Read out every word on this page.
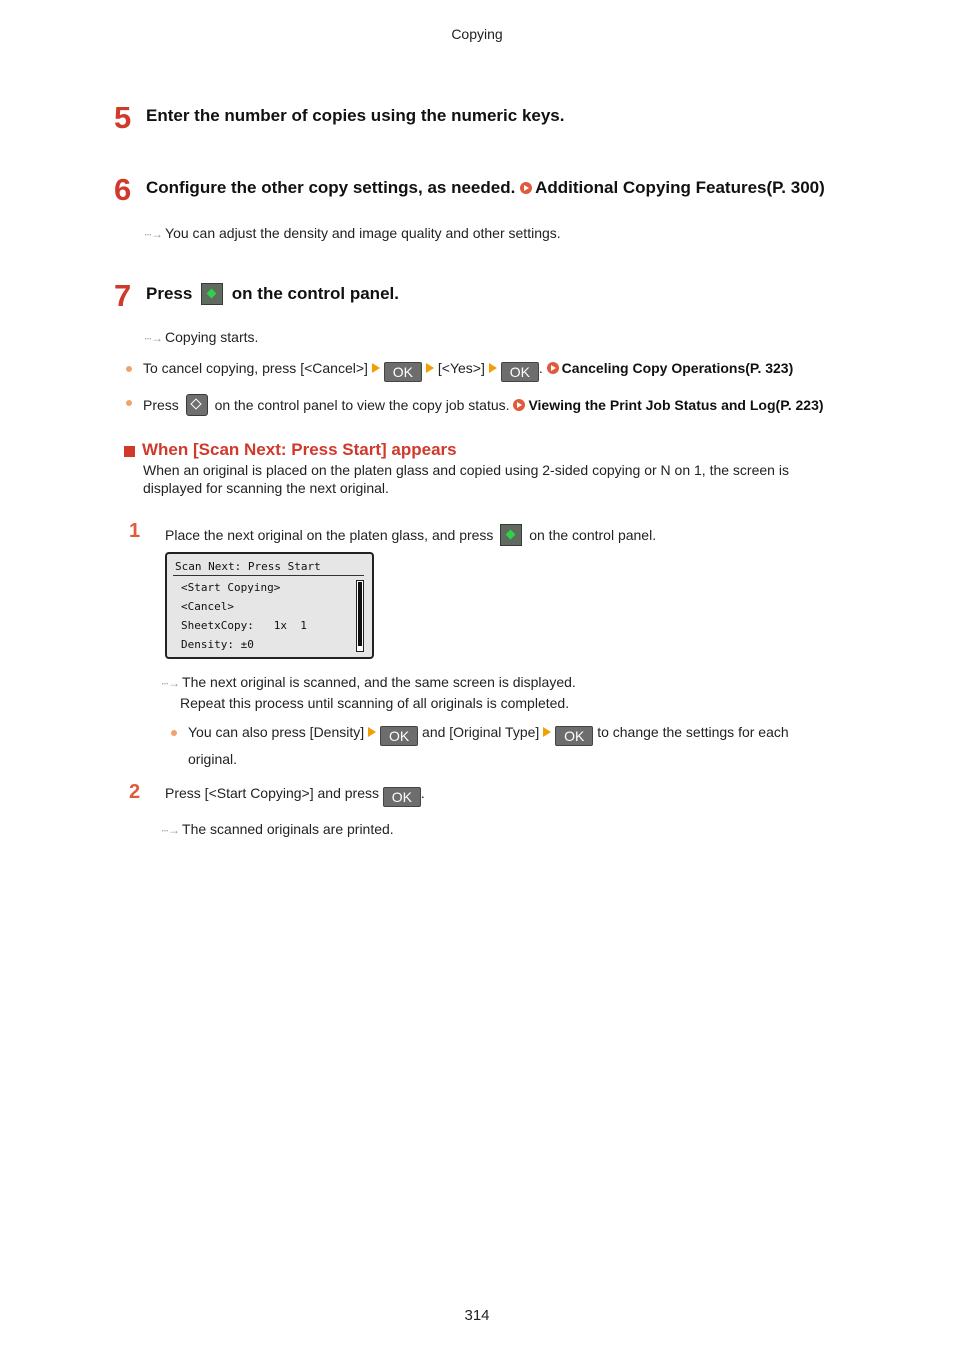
Copying
5 Enter the number of copies using the numeric keys.
6 Configure the other copy settings, as needed. Additional Copying Features(P. 300)
∙∙∙→ You can adjust the density and image quality and other settings.
7 Press on the control panel.
∙∙∙→ Copying starts.
To cancel copying, press [<Cancel>] OK [<Yes>] OK . Canceling Copy Operations(P. 323)
Press	on the control panel to view the copy job status. Viewing the Print Job Status and Log(P. 223)
When [Scan Next: Press Start] appears
When an original is placed on the platen glass and copied using 2-sided copying or N on 1, the screen is
displayed for scanning the next original.
1 Place the next original on the platen glass, and press	on the control panel.
Scan Next: Press Start
<Start Copying>
<Cancel>
SheetxCopy:   1x  1
Density: ±0
∙∙∙→ The next original is scanned, and the same screen is displayed.
Repeat this process until scanning of all originals is completed.
You can also press [Density] OK and [Original Type] OK to change the settings for each
original.
2 Press [<Start Copying>] and press OK .
∙∙∙→ The scanned originals are printed.
314
